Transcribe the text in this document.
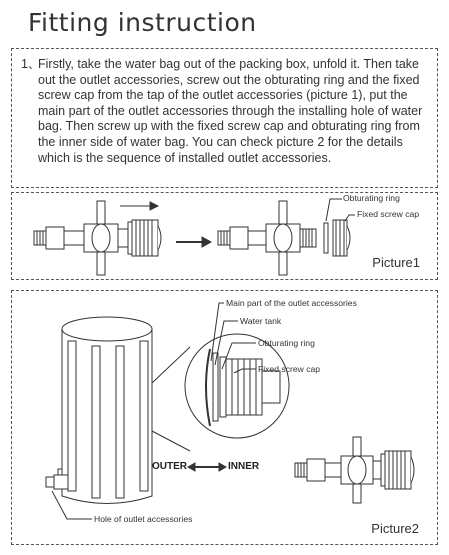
Fitting instruction
1、
Firstly, take the water bag out of the packing box, unfold it. Then take out the outlet accessories, screw out the obturating ring and the fixed screw cap from the tap of the outlet accessories (picture 1), put the main part of the outlet accessories through the installing hole of water bag. Then screw up with the fixed screw cap and obturating ring from the inner side of water bag. You can check picture 2 for the details which is the sequence of installed outlet accessories.
Obturating ring
Fixed screw cap
Picture1
Main part of the outlet accessories
Water tank
Obturating ring
Fixed screw cap
Hole of outlet accessories
OUTER	INNER
Picture2
